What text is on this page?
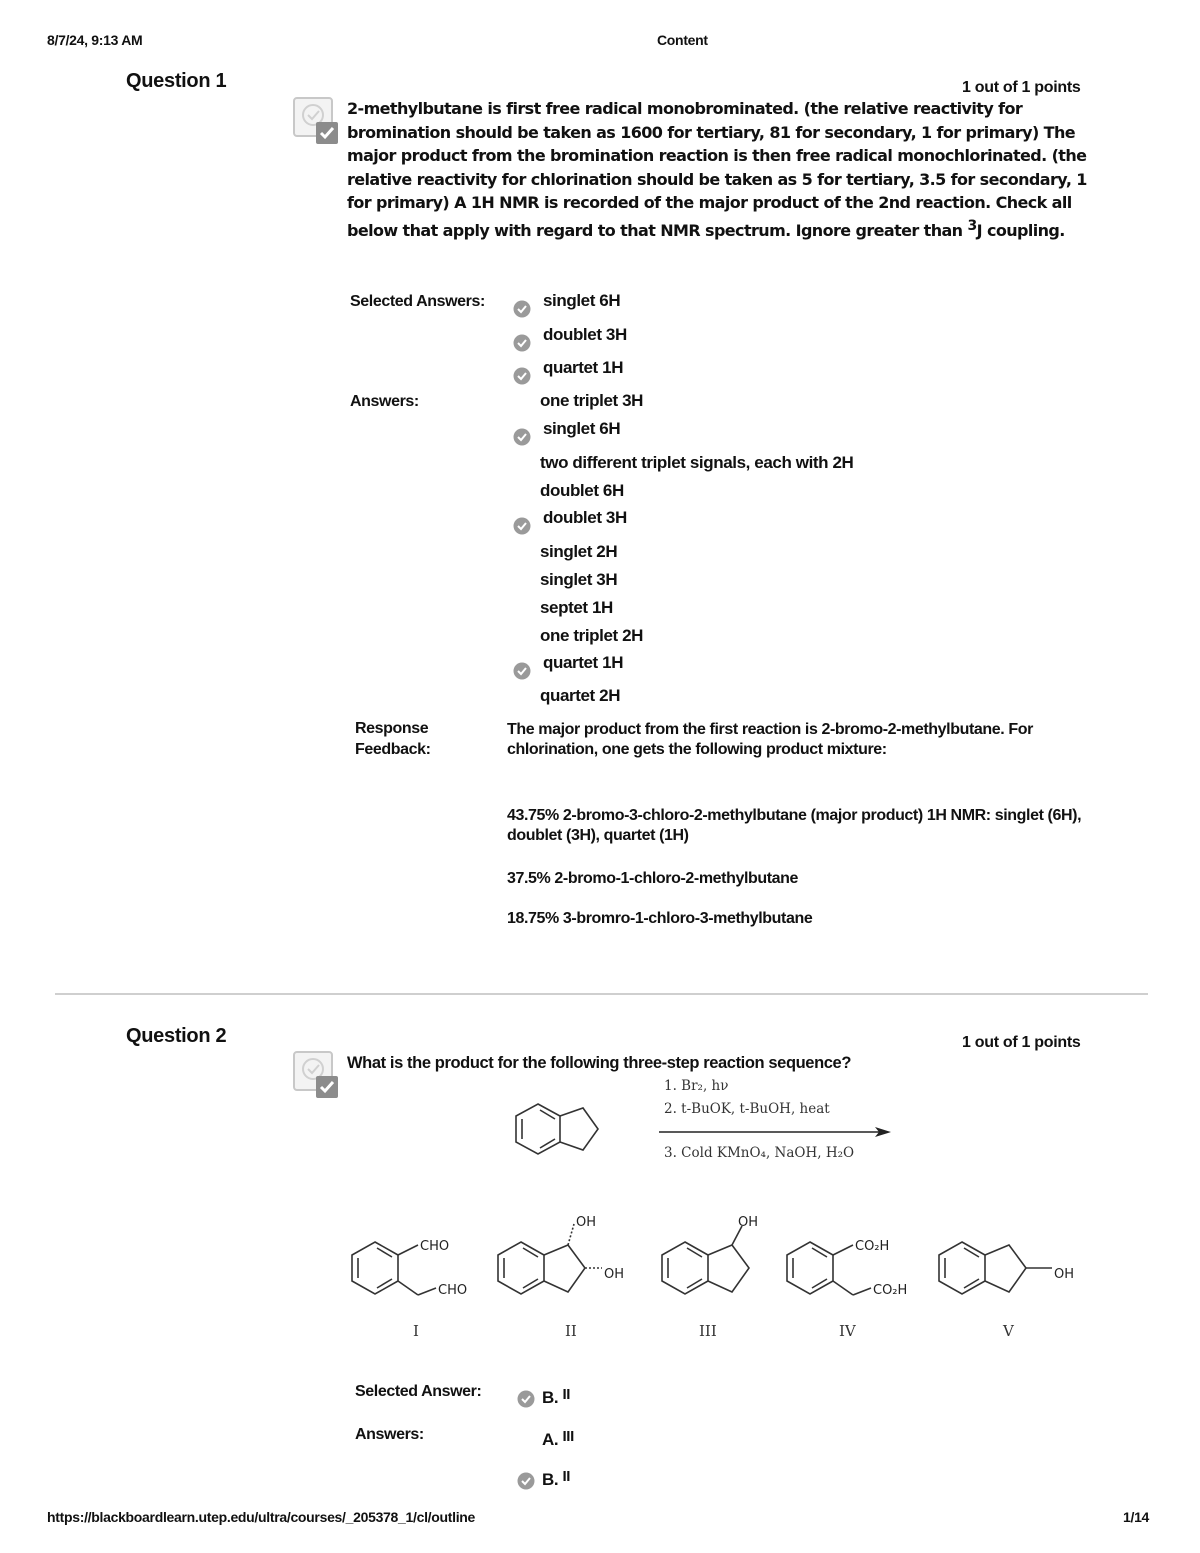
8/7/24, 9:13 AM	Content
https://blackboardlearn.utep.edu/ultra/courses/_205378_1/cl/outline	1/14
Question 1	1 out of 1 points
2-methylbutane is first free radical monobrominated. (the relative reactivity for bromination should be taken as 1600 for tertiary, 81 for secondary, 1 for primary) The major product from the bromination reaction is then free radical monochlorinated. (the relative reactivity for chlorination should be taken as 5 for tertiary, 3.5 for secondary, 1 for primary) A 1H NMR is recorded of the major product of the 2nd reaction. Check all below that apply with regard to that NMR spectrum. Ignore greater than 3J coupling.
Selected Answers:	singlet 6H
doublet 3H
quartet 1H
Answers:	one triplet 3H
singlet 6H
two different triplet signals, each with 2H
doublet 6H
doublet 3H
singlet 2H
singlet 3H
septet 1H
one triplet 2H
quartet 1H
quartet 2H
Response
Feedback:
The major product from the first reaction is 2-bromo-2-methylbutane. For chlorination, one gets the following product mixture:
43.75% 2-bromo-3-chloro-2-methylbutane (major product) 1H NMR: singlet (6H), doublet (3H), quartet (1H)
37.5% 2-bromo-1-chloro-2-methylbutane
18.75% 3-bromro-1-chloro-3-methylbutane
Question 2	1 out of 1 points
What is the product for the following three-step reaction sequence?
1. Br₂, hν
2. t-BuOK, t-BuOH, heat
3. Cold KMnO₄, NaOH, H₂O
CHO
CHO
OH
OH
OH
CO₂H
CO₂H
OH
I	II	III	IV	V
Selected Answer:	B. II
Answers:	A. III
B. II
